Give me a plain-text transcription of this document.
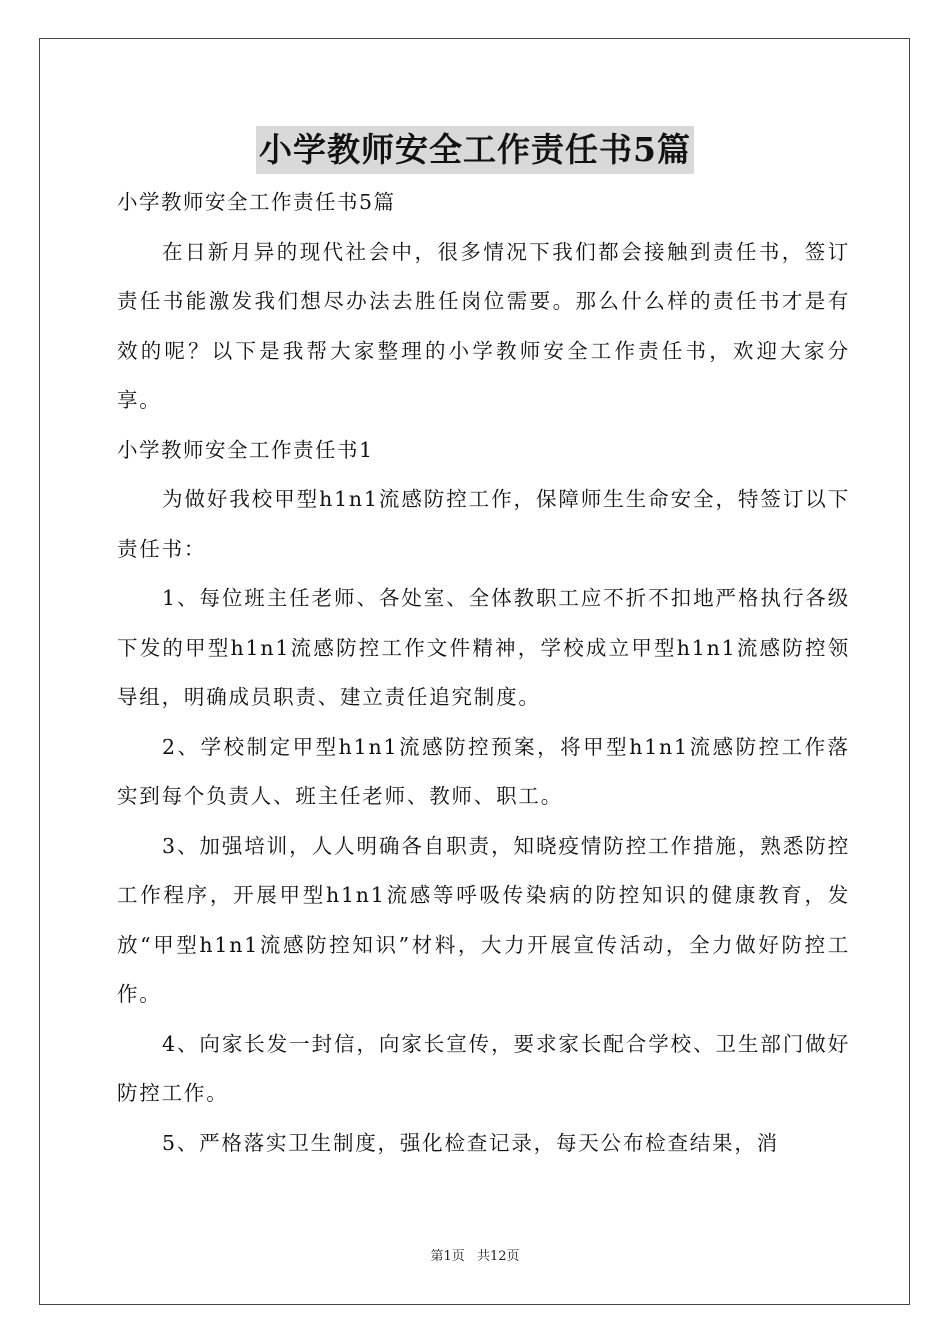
小学教师安全工作责任书5篇

小学教师安全工作责任书5篇

在日新月异的现代社会中，很多情况下我们都会接触到责任书，签订责任书能激发我们想尽办法去胜任岗位需要。那么什么样的责任书才是有效的呢？以下是我帮大家整理的小学教师安全工作责任书，欢迎大家分享。

小学教师安全工作责任书1

为做好我校甲型h1n1流感防控工作，保障师生生命安全，特签订以下责任书：

1、每位班主任老师、各处室、全体教职工应不折不扣地严格执行各级下发的甲型h1n1流感防控工作文件精神，学校成立甲型h1n1流感防控领导组，明确成员职责、建立责任追究制度。

2、学校制定甲型h1n1流感防控预案，将甲型h1n1流感防控工作落实到每个负责人、班主任老师、教师、职工。

3、加强培训，人人明确各自职责，知晓疫情防控工作措施，熟悉防控工作程序，开展甲型h1n1流感等呼吸传染病的防控知识的健康教育，发放“甲型h1n1流感防控知识”材料，大力开展宣传活动，全力做好防控工作。

4、向家长发一封信，向家长宣传，要求家长配合学校、卫生部门做好防控工作。

5、严格落实卫生制度，强化检查记录，每天公布检查结果，消

第1页 共12页
